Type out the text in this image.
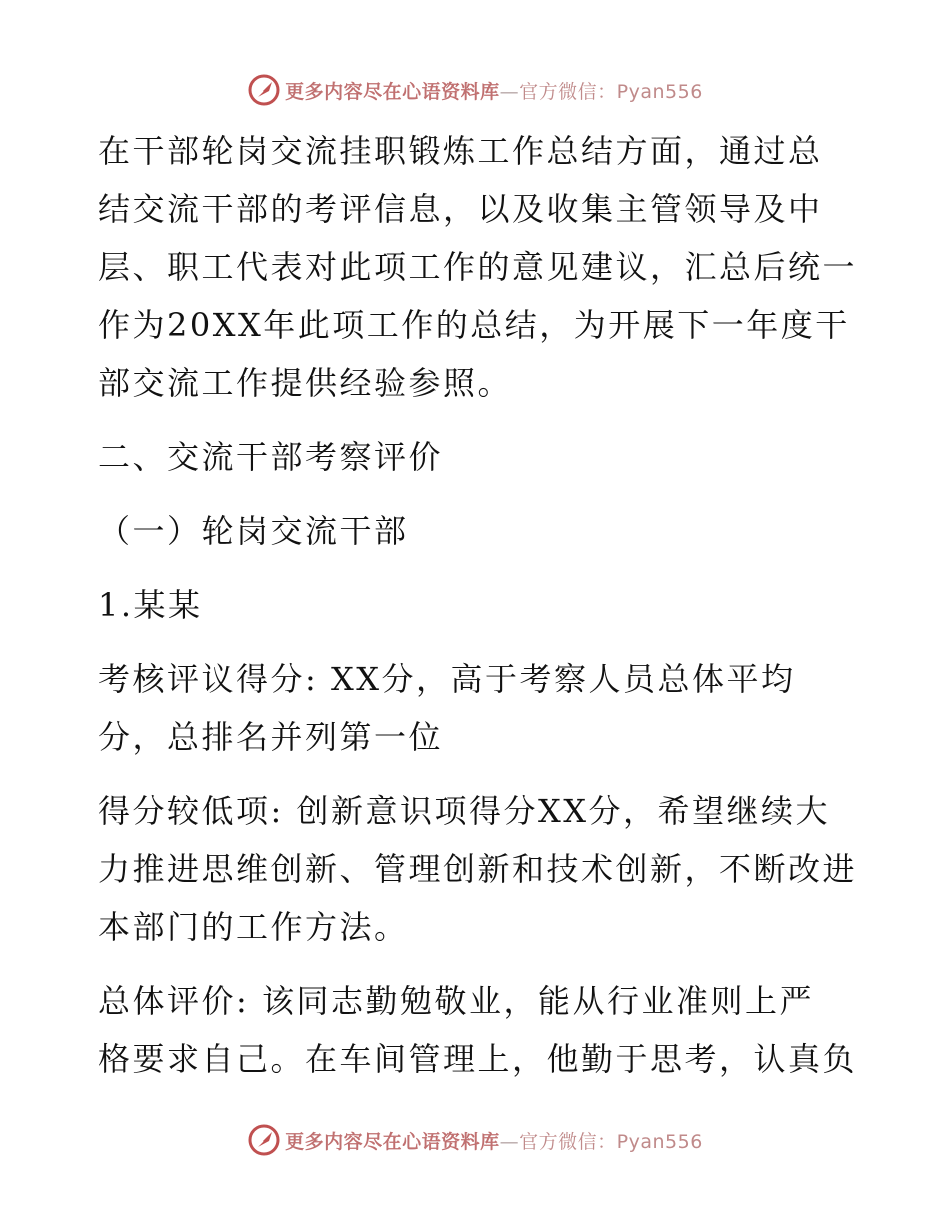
更多内容尽在心语资料库—官方微信：Pyan556

在干部轮岗交流挂职锻炼工作总结方面，通过总
结交流干部的考评信息，以及收集主管领导及中
层、职工代表对此项工作的意见建议，汇总后统一
作为20XX年此项工作的总结，为开展下一年度干
部交流工作提供经验参照。

二、交流干部考察评价

（一）轮岗交流干部

1.某某

考核评议得分: XX分，高于考察人员总体平均
分，总排名并列第一位

得分较低项: 创新意识项得分XX分，希望继续大
力推进思维创新、管理创新和技术创新，不断改进
本部门的工作方法。

总体评价: 该同志勤勉敬业，能从行业准则上严
格要求自己。在车间管理上，他勤于思考，认真负

更多内容尽在心语资料库—官方微信：Pyan556
